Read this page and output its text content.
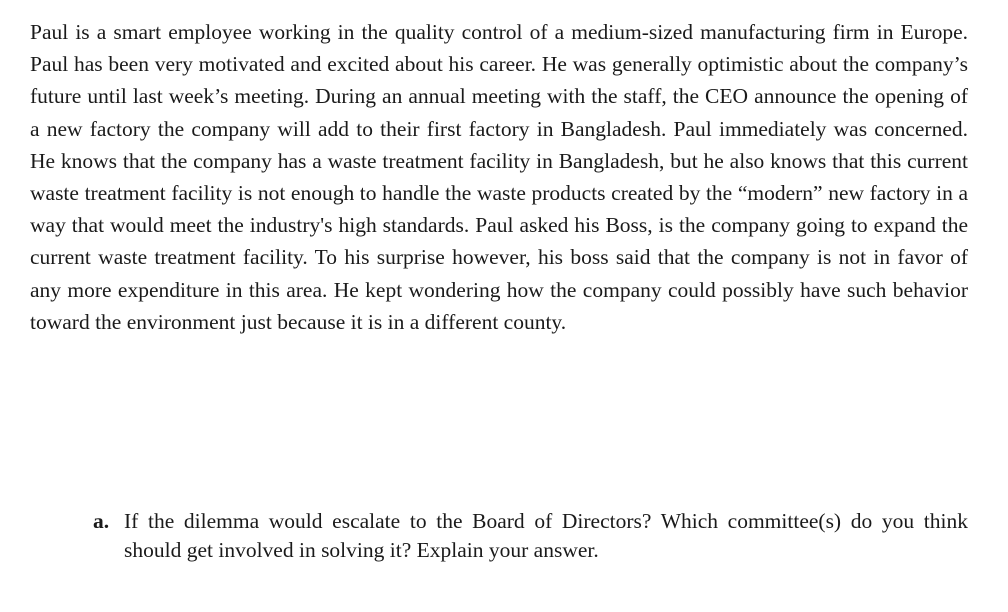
Paul is a smart employee working in the quality control of a medium-sized manufacturing firm in Europe. Paul has been very motivated and excited about his career. He was generally optimistic about the company’s future until last week’s meeting. During an annual meeting with the staff, the CEO announce the opening of a new factory the company will add to their first factory in Bangladesh. Paul immediately was concerned. He knows that the company has a waste treatment facility in Bangladesh, but he also knows that this current waste treatment facility is not enough to handle the waste products created by the “modern” new factory in a way that would meet the industry's high standards. Paul asked his Boss, is the company going to expand the current waste treatment facility. To his surprise however, his boss said that the company is not in favor of any more expenditure in this area. He kept wondering how the company could possibly have such behavior toward the environment just because it is in a different county.

a. If the dilemma would escalate to the Board of Directors? Which committee(s) do you think should get involved in solving it? Explain your answer.
